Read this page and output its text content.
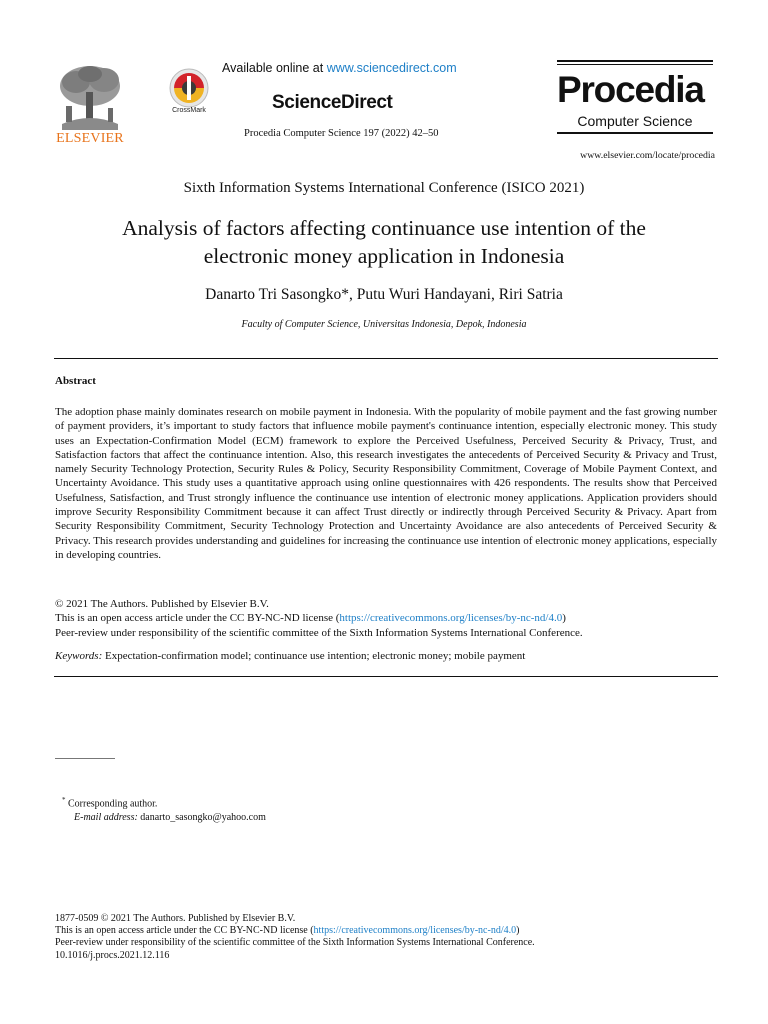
ELSEVIER
CrossMark
Available online at www.sciencedirect.com
ScienceDirect
Procedia Computer Science 197 (2022) 42–50
Procedia
Computer Science
www.elsevier.com/locate/procedia
Sixth Information Systems International Conference (ISICO 2021)
Analysis of factors affecting continuance use intention of the
electronic money application in Indonesia
Danarto Tri Sasongko*, Putu Wuri Handayani, Riri Satria
Faculty of Computer Science, Universitas Indonesia, Depok, Indonesia
Abstract
The adoption phase mainly dominates research on mobile payment in Indonesia. With the popularity of mobile payment and the fast growing number of payment providers, it’s important to study factors that influence mobile payment's continuance intention, especially electronic money. This study uses an Expectation-Confirmation Model (ECM) framework to explore the Perceived Usefulness, Perceived Security & Privacy, Trust, and Satisfaction factors that affect the continuance intention. Also, this research investigates the antecedents of Perceived Security & Privacy and Trust, namely Security Technology Protection, Security Rules & Policy, Security Responsibility Commitment, Coverage of Mobile Payment Context, and Uncertainty Avoidance. This study uses a quantitative approach using online questionnaires with 426 respondents. The results show that Perceived Usefulness, Satisfaction, and Trust strongly influence the continuance use intention of electronic money applications. Application providers should improve Security Responsibility Commitment because it can affect Trust directly or indirectly through Perceived Security & Privacy. Apart from Security Responsibility Commitment, Security Technology Protection and Uncertainty Avoidance are also antecedents of Perceived Security & Privacy. This research provides understanding and guidelines for increasing the continuance use intention of electronic money applications, especially in developing countries.
© 2021 The Authors. Published by Elsevier B.V.
This is an open access article under the CC BY-NC-ND license (https://creativecommons.org/licenses/by-nc-nd/4.0)
Peer-review under responsibility of the scientific committee of the Sixth Information Systems International Conference.
Keywords: Expectation-confirmation model; continuance use intention; electronic money; mobile payment
* Corresponding author.
E-mail address: danarto_sasongko@yahoo.com
1877-0509 © 2021 The Authors. Published by Elsevier B.V.
This is an open access article under the CC BY-NC-ND license (https://creativecommons.org/licenses/by-nc-nd/4.0)
Peer-review under responsibility of the scientific committee of the Sixth Information Systems International Conference.
10.1016/j.procs.2021.12.116
